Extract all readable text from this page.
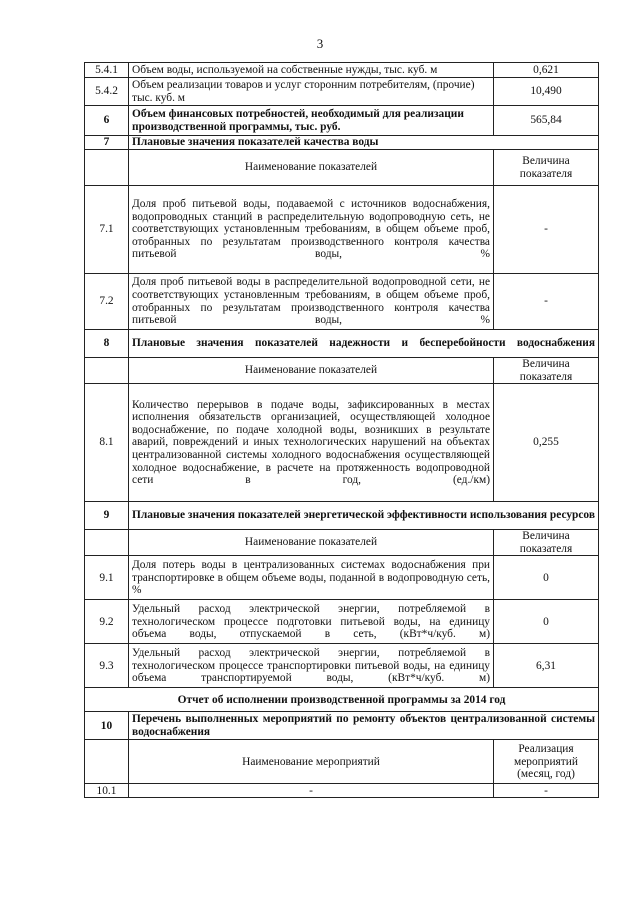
3
5.4.1	Объем воды, используемой на собственные нужды, тыс. куб. м	0,621
5.4.2	Объем реализации товаров и услуг сторонним потребителям, (прочие) тыс. куб. м	10,490
6	Объем финансовых потребностей, необходимый для реализации производственной программы, тыс. руб.	565,84
7	Плановые значения показателей качества воды	
	Наименование показателей	Величина показателя
7.1	Доля проб питьевой воды, подаваемой с источников водоснабжения, водопроводных станций в распределительную водопроводную сеть, не соответствующих установленным требованиям, в общем объеме проб, отобранных по результатам производственного контроля качества питьевой воды, %	-
7.2	Доля проб питьевой воды в распределительной водопроводной сети, не соответствующих установленным требованиям, в общем объеме проб, отобранных по результатам производственного контроля качества питьевой воды, %	-
8	Плановые значения показателей надежности и бесперебойности водоснабжения	
	Наименование показателей	Величина показателя
8.1	Количество перерывов в подаче воды, зафиксированных в местах исполнения обязательств организацией, осуществляющей холодное водоснабжение, по подаче холодной воды, возникших в результате аварий, повреждений и иных технологических нарушений на объектах централизованной системы холодного водоснабжения осуществляющей холодное водоснабжение, в расчете на протяженность водопроводной сети в год, (ед./км)	0,255
9	Плановые значения показателей энергетической эффективности использования ресурсов	
	Наименование показателей	Величина показателя
9.1	Доля потерь воды в централизованных системах водоснабжения при транспортировке в общем объеме воды, поданной в водопроводную сеть, %	0
9.2	Удельный расход электрической энергии, потребляемой в технологическом процессе подготовки питьевой воды, на единицу объема воды, отпускаемой в сеть, (кВт*ч/куб. м)	0
9.3	Удельный расход электрической энергии, потребляемой в технологическом процессе транспортировки питьевой воды, на единицу объема транспортируемой воды, (кВт*ч/куб. м)	6,31
Отчет об исполнении производственной программы за 2014 год		
10	Перечень выполненных мероприятий по ремонту объектов централизованной системы водоснабжения	
	Наименование мероприятий	Реализация мероприятий (месяц, год)
10.1	-	-
